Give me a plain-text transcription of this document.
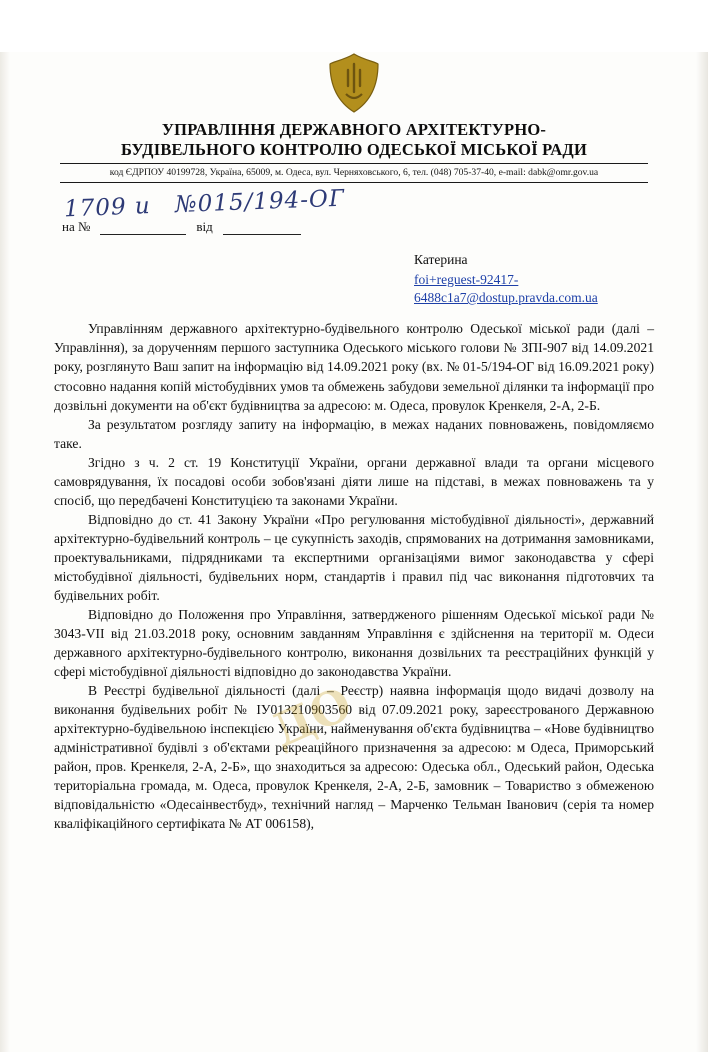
УПРАВЛІННЯ ДЕРЖАВНОГО АРХІТЕКТУРНО-
БУДІВЕЛЬНОГО КОНТРОЛЮ ОДЕСЬКОЇ МІСЬКОЇ РАДИ
код ЄДРПОУ 40199728, Україна, 65009, м. Одеса, вул. Черняховського, 6, тел. (048) 705-37-40, e-mail: dabk@omr.gov.ua
1709 и №015/194-ОГ
на №	від
Катерина
foi+reguest-92417-
6488c1a7@dostup.pravda.com.ua

Управлінням державного архітектурно-будівельного контролю Одеської міської ради (далі – Управління), за дорученням першого заступника Одеського міського голови № ЗПІ-907 від 14.09.2021 року, розглянуто Ваш запит на інформацію від 14.09.2021 року (вх. № 01-5/194-ОГ від 16.09.2021 року) стосовно надання копій містобудівних умов та обмежень забудови земельної ділянки та інформації про дозвільні документи на об'єкт будівництва за адресою: м. Одеса, провулок Кренкеля, 2-А, 2-Б.

За результатом розгляду запиту на інформацію, в межах наданих повноважень, повідомляємо таке.

Згідно з ч. 2 ст. 19 Конституції України, органи державної влади та органи місцевого самоврядування, їх посадові особи зобов'язані діяти лише на підставі, в межах повноважень та у спосіб, що передбачені Конституцією та законами України.

Відповідно до ст. 41 Закону України «Про регулювання містобудівної діяльності», державний архітектурно-будівельний контроль – це сукупність заходів, спрямованих на дотримання замовниками, проектувальниками, підрядниками та експертними організаціями вимог законодавства у сфері містобудівної діяльності, будівельних норм, стандартів і правил під час виконання підготовчих та будівельних робіт.

Відповідно до Положення про Управління, затвердженого рішенням Одеської міської ради № 3043-VII від 21.03.2018 року, основним завданням Управління є здійснення на території м. Одеси державного архітектурно-будівельного контролю, виконання дозвільних та реєстраційних функцій у сфері містобудівної діяльності відповідно до законодавства України.

В Реєстрі будівельної діяльності (далі – Реєстр) наявна інформація щодо видачі дозволу на виконання будівельних робіт № ІУ013210903560 від 07.09.2021 року, зареєстрованого Державною архітектурно-будівельною інспекцією України, найменування об'єкта будівництва – «Нове будівництво адміністративної будівлі з об'єктами рекреаційного призначення за адресою: м Одеса, Приморський район, пров. Кренкеля, 2-А, 2-Б», що знаходиться за адресою: Одеська обл., Одеський район, Одеська територіальна громада, м. Одеса, провулок Кренкеля, 2-А, 2-Б, замовник – Товариство з обмеженою відповідальністю «Одесаінвестбуд», технічний нагляд – Марченко Тельман Іванович (серія та номер кваліфікаційного сертифіката № АТ 006158),

ДО
